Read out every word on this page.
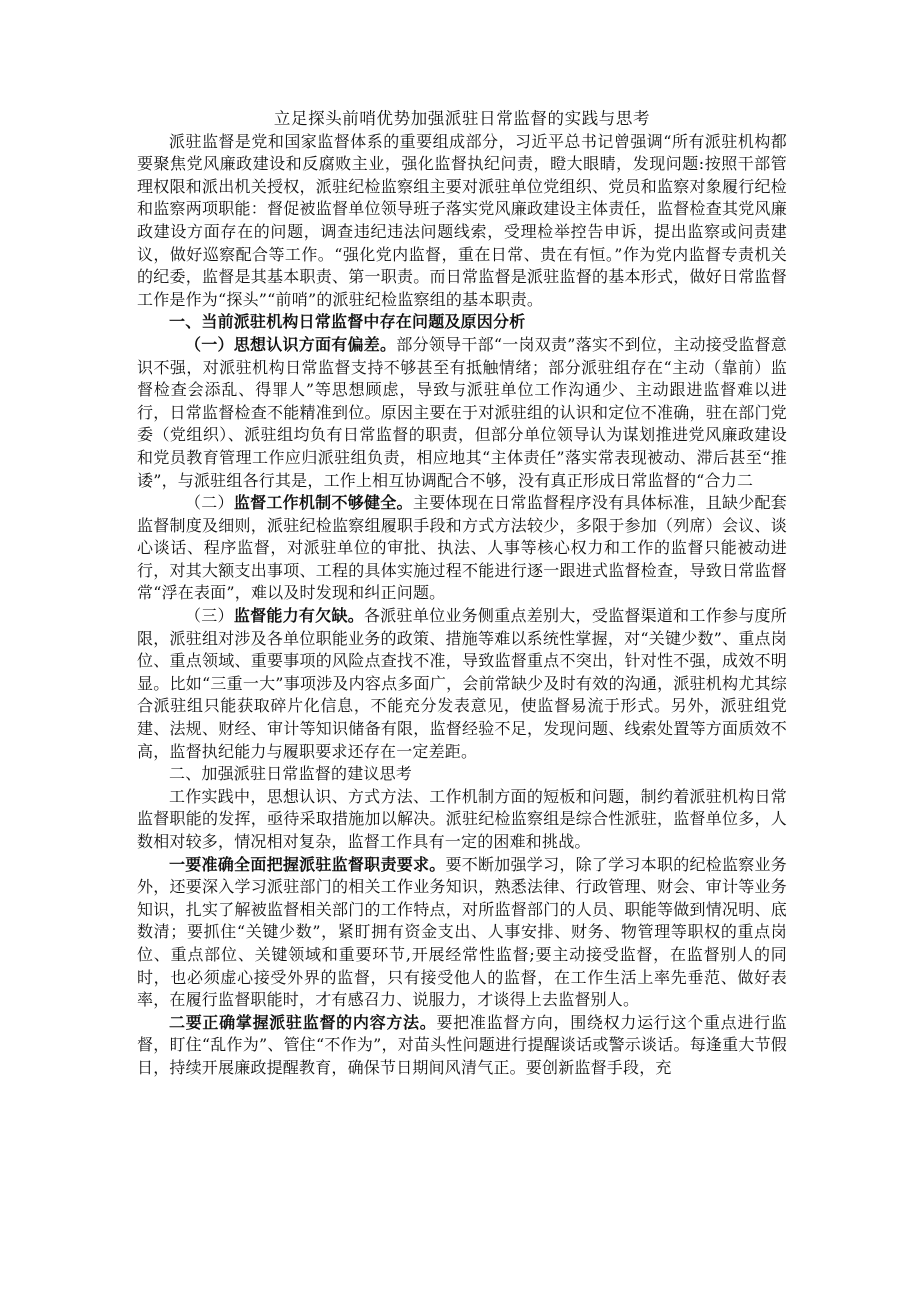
立足探头前哨优势加强派驻日常监督的实践与思考

派驻监督是党和国家监督体系的重要组成部分，习近平总书记曾强调“所有派驻机构都要聚焦党风廉政建设和反腐败主业，强化监督执纪问责，瞪大眼睛，发现问题:按照干部管理权限和派出机关授权，派驻纪检监察组主要对派驻单位党组织、党员和监察对象履行纪检和监察两项职能：督促被监督单位领导班子落实党风廉政建设主体责任，监督检查其党风廉政建设方面存在的问题，调查违纪违法问题线索，受理检举控告申诉，提出监察或问责建议，做好巡察配合等工作。“强化党内监督，重在日常、贵在有恒。”作为党内监督专责机关的纪委，监督是其基本职责、第一职责。而日常监督是派驻监督的基本形式，做好日常监督工作是作为“探头”“前哨”的派驻纪检监察组的基本职责。

一、当前派驻机构日常监督中存在问题及原因分析

（一）思想认识方面有偏差。部分领导干部“一岗双责”落实不到位，主动接受监督意识不强，对派驻机构日常监督支持不够甚至有抵触情绪；部分派驻组存在“主动（靠前）监督检查会添乱、得罪人”等思想顾虑，导致与派驻单位工作沟通少、主动跟进监督难以进行，日常监督检查不能精准到位。原因主要在于对派驻组的认识和定位不准确，驻在部门党委（党组织）、派驻组均负有日常监督的职责，但部分单位领导认为谋划推进党风廉政建设和党员教育管理工作应归派驻组负责，相应地其“主体责任”落实常表现被动、滞后甚至“推诿”，与派驻组各行其是，工作上相互协调配合不够，没有真正形成日常监督的“合力二

（二）监督工作机制不够健全。主要体现在日常监督程序没有具体标准，且缺少配套监督制度及细则，派驻纪检监察组履职手段和方式方法较少，多限于参加（列席）会议、谈心谈话、程序监督，对派驻单位的审批、执法、人事等核心权力和工作的监督只能被动进行，对其大额支出事项、工程的具体实施过程不能进行逐一跟进式监督检查，导致日常监督常“浮在表面”，难以及时发现和纠正问题。

（三）监督能力有欠缺。各派驻单位业务侧重点差别大，受监督渠道和工作参与度所限，派驻组对涉及各单位职能业务的政策、措施等难以系统性掌握，对“关键少数”、重点岗位、重点领域、重要事项的风险点查找不准，导致监督重点不突出，针对性不强，成效不明显。比如“三重一大”事项涉及内容点多面广，会前常缺少及时有效的沟通，派驻机构尤其综合派驻组只能获取碎片化信息，不能充分发表意见，使监督易流于形式。另外，派驻组党建、法规、财经、审计等知识储备有限，监督经验不足，发现问题、线索处置等方面质效不高，监督执纪能力与履职要求还存在一定差距。

二、加强派驻日常监督的建议思考

工作实践中，思想认识、方式方法、工作机制方面的短板和问题，制约着派驻机构日常监督职能的发挥，亟待采取措施加以解决。派驻纪检监察组是综合性派驻，监督单位多，人数相对较多，情况相对复杂，监督工作具有一定的困难和挑战。

一要准确全面把握派驻监督职责要求。要不断加强学习，除了学习本职的纪检监察业务外，还要深入学习派驻部门的相关工作业务知识，熟悉法律、行政管理、财会、审计等业务知识，扎实了解被监督相关部门的工作特点，对所监督部门的人员、职能等做到情况明、底数清；要抓住“关键少数”，紧盯拥有资金支出、人事安排、财务、物管理等职权的重点岗位、重点部位、关键领域和重要环节,开展经常性监督;要主动接受监督，在监督别人的同时，也必须虚心接受外界的监督，只有接受他人的监督，在工作生活上率先垂范、做好表率，在履行监督职能时，才有感召力、说服力，才谈得上去监督别人。

二要正确掌握派驻监督的内容方法。要把准监督方向，围绕权力运行这个重点进行监督，盯住“乱作为”、管住“不作为”，对苗头性问题进行提醒谈话或警示谈话。每逢重大节假日，持续开展廉政提醒教育，确保节日期间风清气正。要创新监督手段，充
